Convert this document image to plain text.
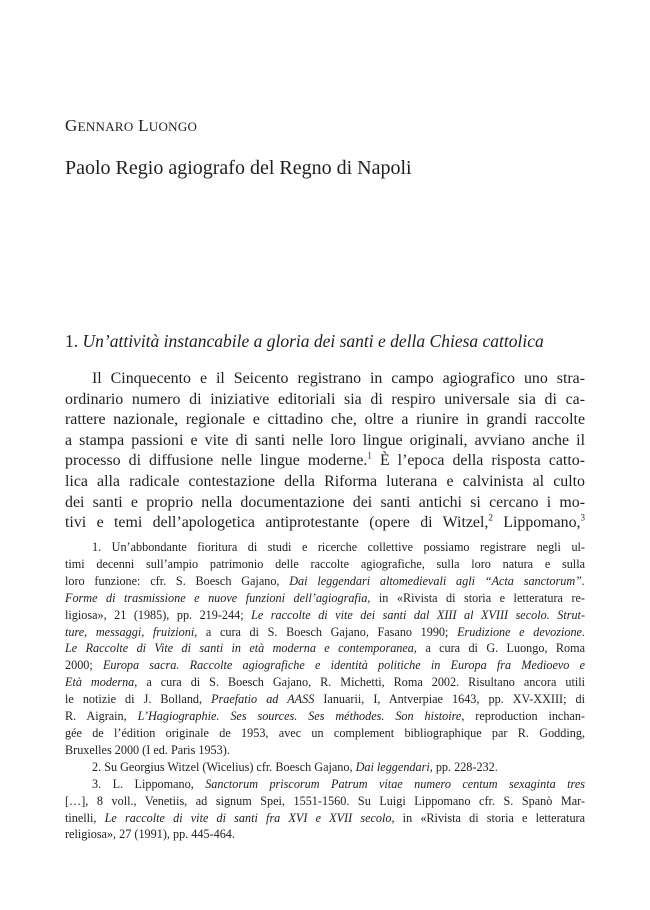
GENNARO LUONGO
Paolo Regio agiografo del Regno di Napoli
1. Un’attività instancabile a gloria dei santi e della Chiesa cattolica
Il Cinquecento e il Seicento registrano in campo agiografico uno stra-
ordinario numero di iniziative editoriali sia di respiro universale sia di ca-
rattere nazionale, regionale e cittadino che, oltre a riunire in grandi raccolte
a stampa passioni e vite di santi nelle loro lingue originali, avviano anche il
processo di diffusione nelle lingue moderne.$^1$ È l’epoca della risposta catto-
lica alla radicale contestazione della Riforma luterana e calvinista al culto
dei santi e proprio nella documentazione dei santi antichi si cercano i mo-
tivi e temi dell’apologetica antiprotestante (opere di Witzel,$^2$ Lippomano,$^3$
1. Un’abbondante fioritura di studi e ricerche collettive possiamo registrare negli ul-
timi decenni sull’ampio patrimonio delle raccolte agiografiche, sulla loro natura e sulla
loro funzione: cfr. S. Boesch Gajano, Dai leggendari altomedievali agli “Acta sanctorum”.
Forme di trasmissione e nuove funzioni dell’agiografia, in «Rivista di storia e letteratura re-
ligiosa», 21 (1985), pp. 219-244; Le raccolte di vite dei santi dal XIII al XVIII secolo. Strut-
ture, messaggi, fruizioni, a cura di S. Boesch Gajano, Fasano 1990; Erudizione e devozione.
Le Raccolte di Vite di santi in età moderna e contemporanea, a cura di G. Luongo, Roma
2000; Europa sacra. Raccolte agiografiche e identità politiche in Europa fra Medioevo e
Età moderna, a cura di S. Boesch Gajano, R. Michetti, Roma 2002. Risultano ancora utili
le notizie di J. Bolland, Praefatio ad AASS Ianuarii, I, Antverpiae 1643, pp. XV-XXIII; di
R. Aigrain, L’Hagiographie. Ses sources. Ses méthodes. Son histoire, reproduction inchan-
gée de l’édition originale de 1953, avec un complement bibliographique par R. Godding,
Bruxelles 2000 (I ed. Paris 1953).
2. Su Georgius Witzel (Wicelius) cfr. Boesch Gajano, Dai leggendari, pp. 228-232.
3. L. Lippomano, Sanctorum priscorum Patrum vitae numero centum sexaginta tres
[…], 8 voll., Venetiis, ad signum Spei, 1551-1560. Su Luigi Lippomano cfr. S. Spanò Mar-
tinelli, Le raccolte di vite di santi fra XVI e XVII secolo, in «Rivista di storia e letteratura
religiosa», 27 (1991), pp. 445-464.
